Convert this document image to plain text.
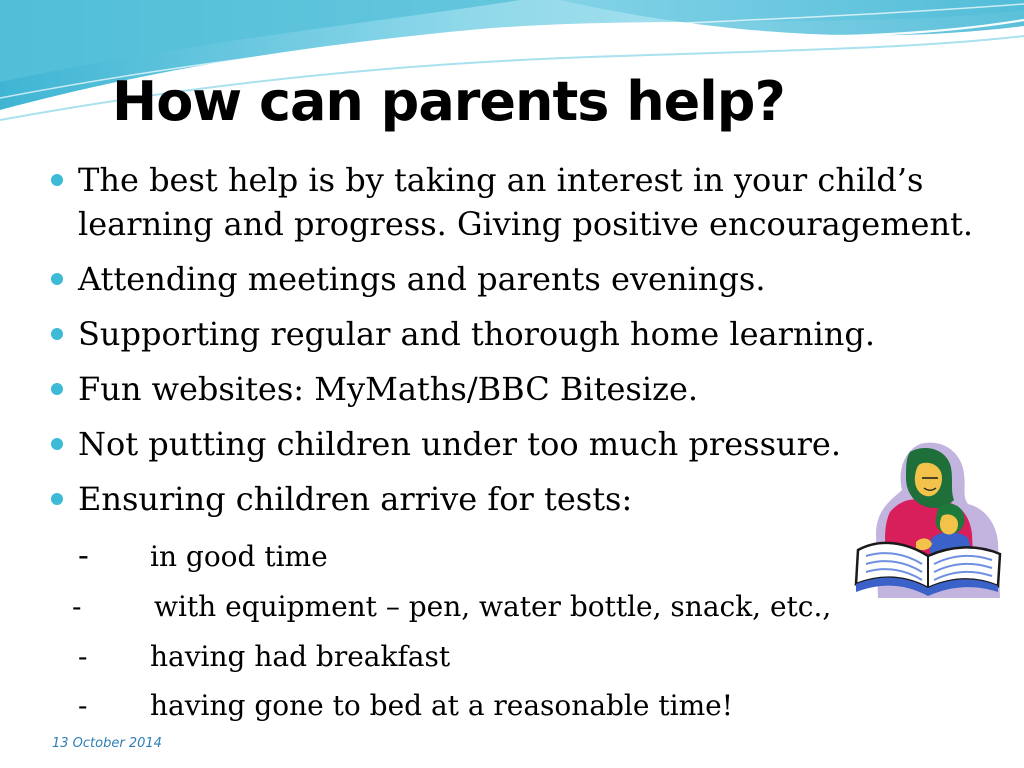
How can parents help?
The best help is by taking an interest in your child’s learning and progress. Giving positive encouragement.
Attending meetings and parents evenings.
Supporting regular and thorough home learning.
Fun websites: MyMaths/BBC Bitesize.
Not putting children under too much pressure.
Ensuring children arrive for tests:
- in good time
-	with equipment – pen, water bottle, snack, etc.,
- having had breakfast
- having gone to bed at a reasonable time!
13 October 2014
